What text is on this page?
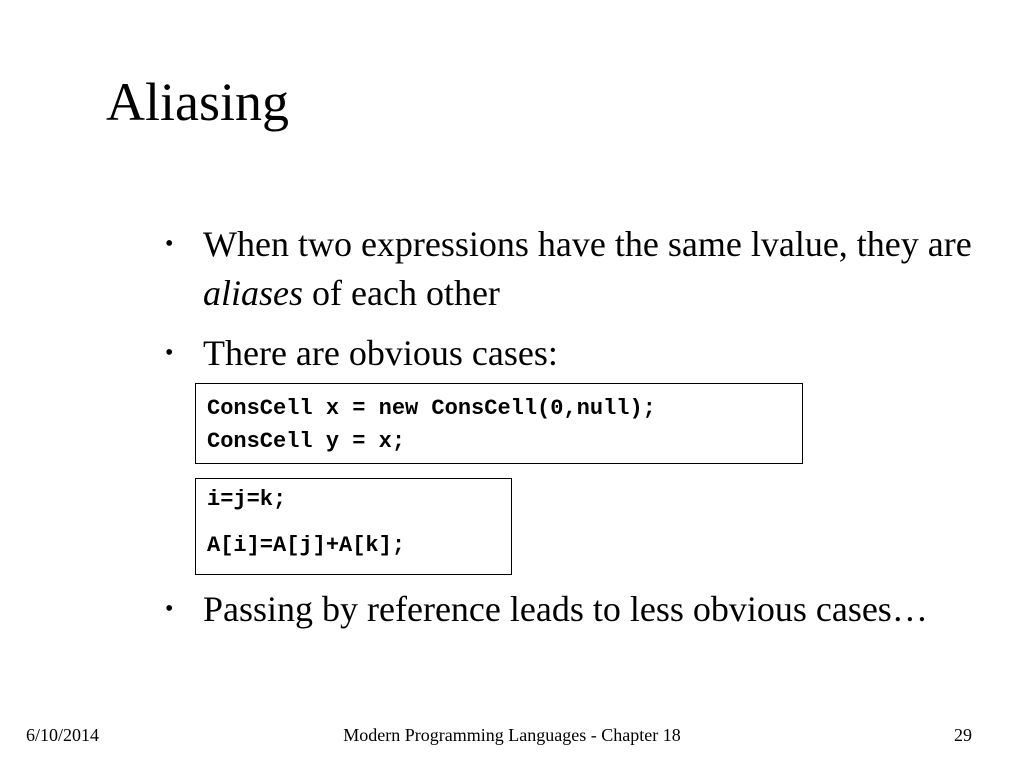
Aliasing
• When two expressions have the same lvalue, they are aliases of each other
• There are obvious cases:
ConsCell x = new ConsCell(0,null);
ConsCell y = x;
i=j=k;
A[i]=A[j]+A[k];
• Passing by reference leads to less obvious cases…
6/10/2014	Modern Programming Languages - Chapter 18	29
